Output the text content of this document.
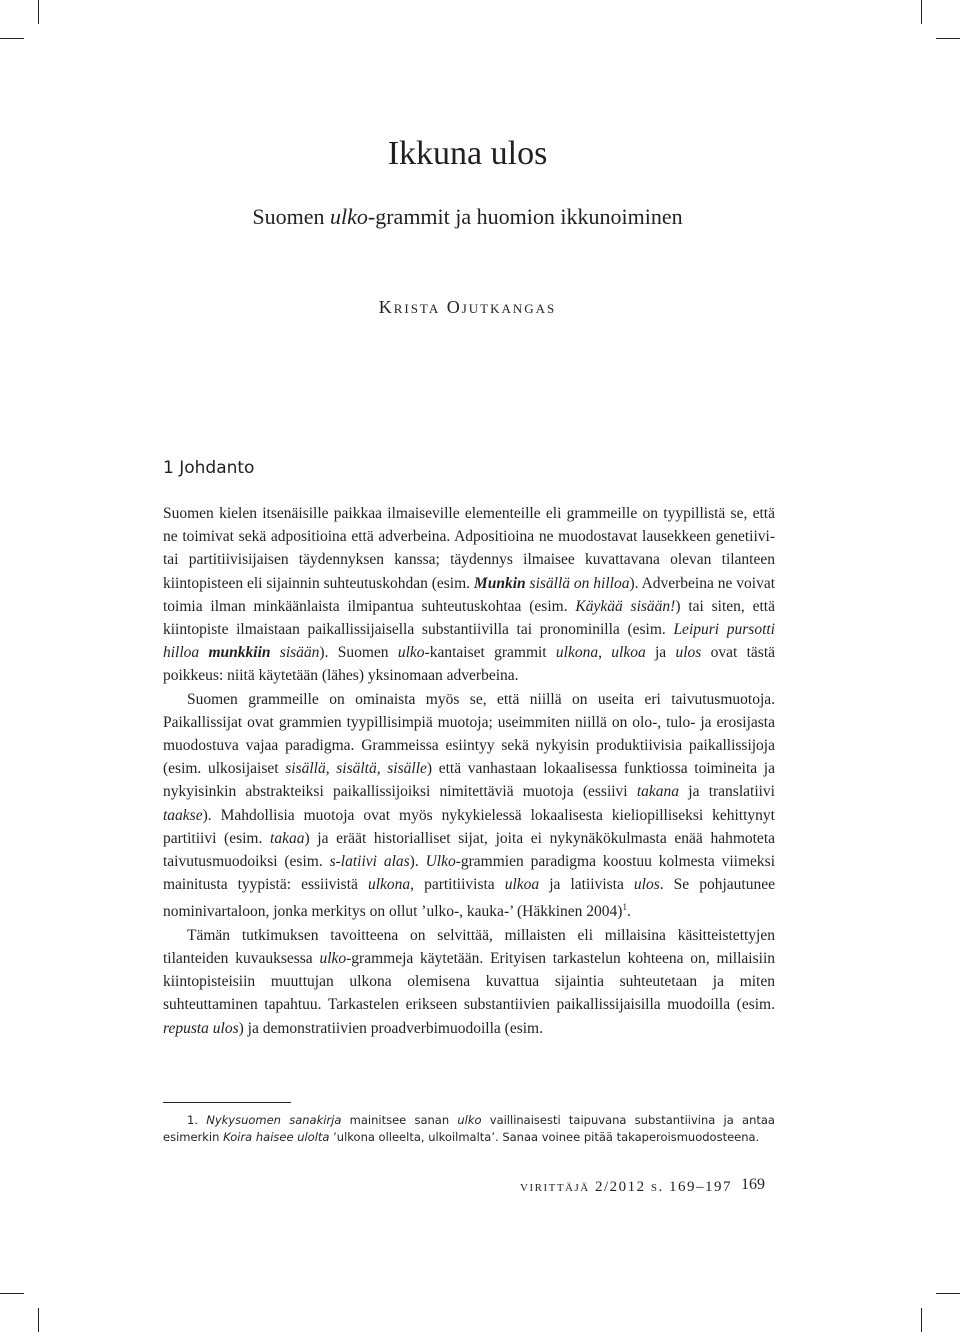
Ikkuna ulos
Suomen ulko-grammit ja huomion ikkunoiminen
Krista Ojutkangas
1 Johdanto

Suomen kielen itsenäisille paikkaa ilmaiseville elementeille eli grammeille on tyypillistä se, että ne toimivat sekä adpositioina että adverbeina. Adpositioina ne muodostavat lausekkeen genetiivi- tai partitiivisijaisen täydennyksen kanssa; täydennys ilmaisee kuvattavana olevan tilanteen kiintopisteen eli sijainnin suhteutuskohdan (esim. Munkin sisällä on hilloa). Adverbeina ne voivat toimia ilman minkäänlaista ilmipantua suhteutuskohtaa (esim. Käykää sisään!) tai siten, että kiintopiste ilmaistaan paikallissijaisella substantiivilla tai pronominilla (esim. Leipuri pursotti hilloa munkkiin sisään). Suomen ulko-kantaiset grammit ulkona, ulkoa ja ulos ovat tästä poikkeus: niitä käytetään (lähes) yksinomaan adverbeina.

Suomen grammeille on ominaista myös se, että niillä on useita eri taivutusmuotoja. Paikallissijat ovat grammien tyypillisimpiä muotoja; useimmiten niillä on olo-, tulo- ja erosijasta muodostuva vajaa paradigma. Grammeissa esiintyy sekä nykyisin produktiivisia paikallissijoja (esim. ulkosijaiset sisällä, sisältä, sisälle) että vanhastaan lokaalisessa funktiossa toimineita ja nykyisinkin abstrakteiksi paikallissijoiksi nimitettäviä muotoja (essiivi takana ja translatiivi taakse). Mahdollisia muotoja ovat myös nykykielessä lokaalisesta kieliopilliseksi kehittynyt partitiivi (esim. takaa) ja eräät historialliset sijat, joita ei nykynäkökulmasta enää hahmoteta taivutusmuodoiksi (esim. s-latiivi alas). Ulko-grammien paradigma koostuu kolmesta viimeksi mainitusta tyypistä: essiivistä ulkona, partitiivista ulkoa ja latiivista ulos. Se pohjautunee nominivartaloon, jonka merkitys on ollut ’ulko-, kauka-’ (Häkkinen 2004)$^1$.

Tämän tutkimuksen tavoitteena on selvittää, millaisten eli millaisina käsitteistettyjen tilanteiden kuvauksessa ulko-grammeja käytetään. Erityisen tarkastelun kohteena on, millaisiin kiintopisteisiin muuttujan ulkona olemisena kuvattua sijaintia suhteutetaan ja miten suhteuttaminen tapahtuu. Tarkastelen erikseen substantiivien paikallissijaisilla muodoilla (esim. repusta ulos) ja demonstratiivien proadverbimuodoilla (esim.

1. Nykysuomen sanakirja mainitsee sanan ulko vaillinaisesti taipuvana substantiivina ja antaa esimerkin Koira haisee ulolta ’ulkona olleelta, ulkoilmalta’. Sanaa voinee pitää takaperoismuodosteena.

virittäjä 2/2012 s. 169–197 169
